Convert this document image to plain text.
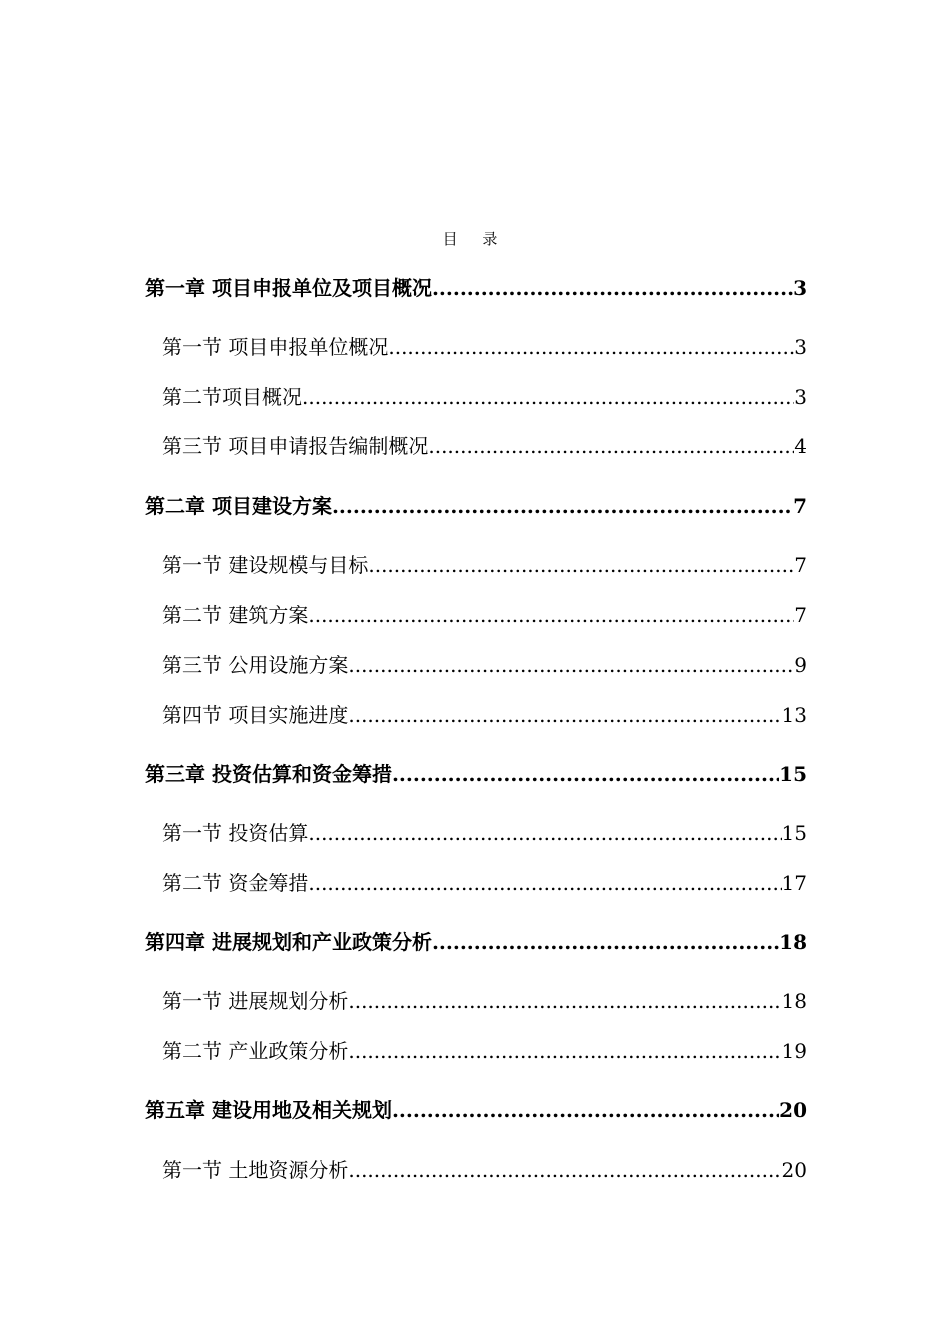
目 录
第一章 项目申报单位及项目概况 .....	3
第一节 项目申报单位概况 .....	3
第二节项目概况 .....	3
第三节 项目申请报告编制概况 .....	4
第二章 项目建设方案 .....	7
第一节 建设规模与目标 .....	7
第二节 建筑方案 .....	7
第三节 公用设施方案 .....	9
第四节 项目实施进度 .....	13
第三章 投资估算和资金筹措 .....	15
第一节 投资估算 .....	15
第二节 资金筹措 .....	17
第四章 进展规划和产业政策分析 .....	18
第一节 进展规划分析 .....	18
第二节 产业政策分析 .....	19
第五章 建设用地及相关规划 .....	20
第一节 土地资源分析 .....	20
